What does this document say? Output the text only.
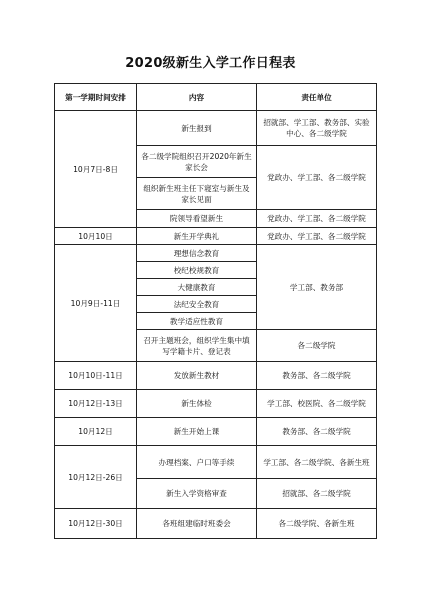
2020级新生入学工作日程表
第一学期时间安排	内容	责任单位
10月7日-8日	新生报到	招就部、学工部、教务部、实验中心、各二级学院
	各二级学院组织召开2020年新生家长会	党政办、学工部、各二级学院
	组织新生班主任下寝室与新生及家长见面	
	院领导看望新生	党政办、学工部、各二级学院
10月10日	新生开学典礼	党政办、学工部、各二级学院
10月9日-11日	理想信念教育	学工部、教务部
	校纪校规教育	
	大健康教育	
	法纪安全教育	
	教学适应性教育	
	召开主题班会，组织学生集中填写学籍卡片、登记表	各二级学院
10月10日-11日	发放新生教材	教务部、各二级学院
10月12日-13日	新生体检	学工部、校医院、各二级学院
10月12日	新生开始上课	教务部、各二级学院
10月12日-26日	办理档案、户口等手续	学工部、各二级学院、各新生班
	新生入学资格审查	招就部、各二级学院
10月12日-30日	各班组建临时班委会	各二级学院、各新生班
